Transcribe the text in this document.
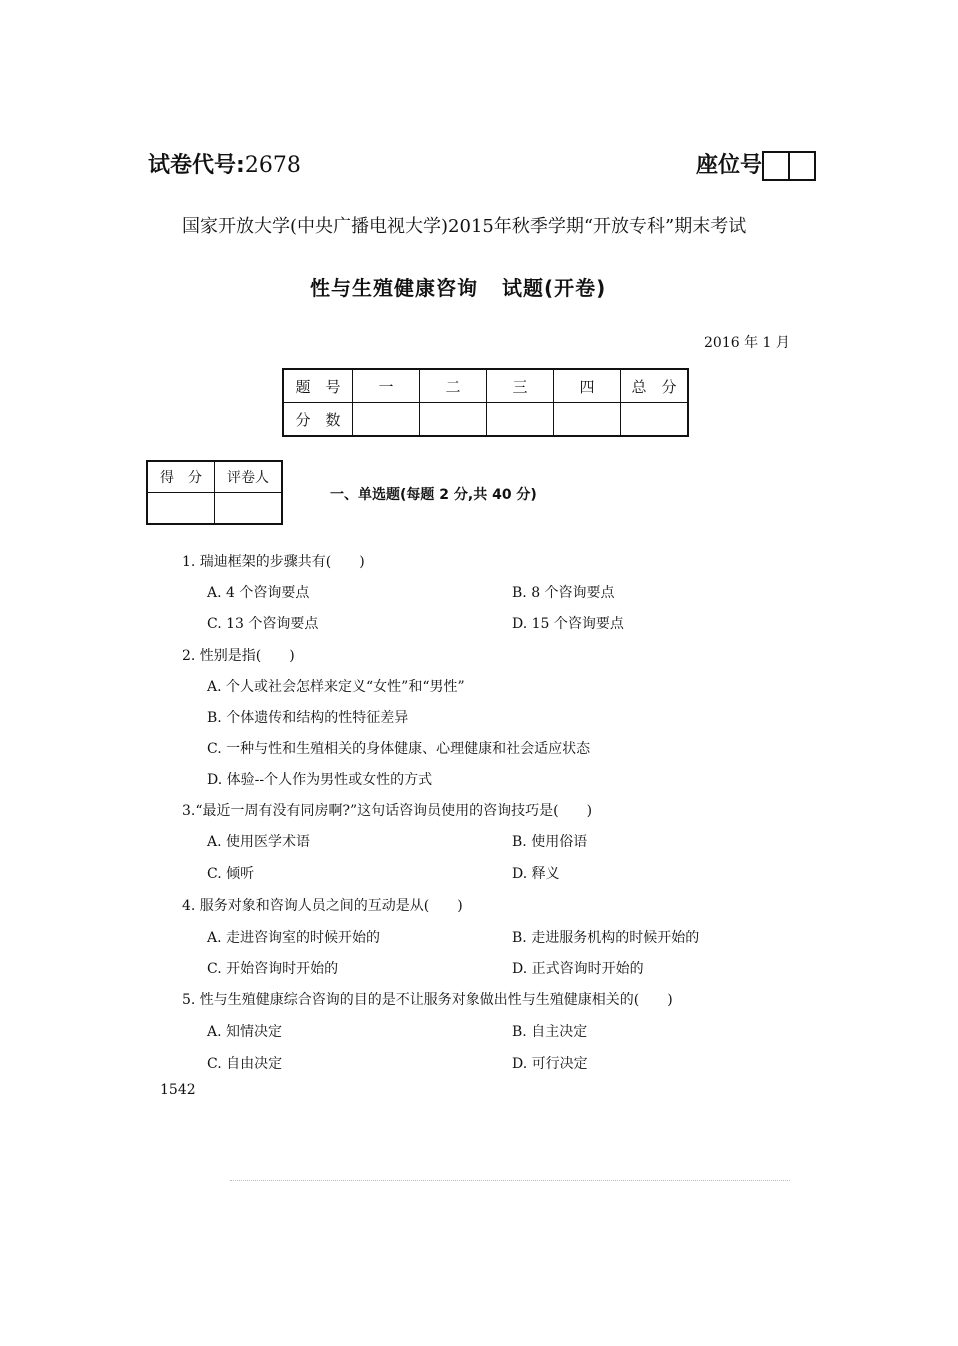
试卷代号:2678	座位号
国家开放大学(中央广播电视大学)2015年秋季学期“开放专科”期末考试
性与生殖健康咨询 试题(开卷)
2016 年 1 月
题　号	一	二	三	四	总　分
分　数					
得　分	评卷人

一、单选题(每题 2 分,共 40 分)
1. 瑞迪框架的步骤共有(　　)
A. 4 个咨询要点	B. 8 个咨询要点
C. 13 个咨询要点	D. 15 个咨询要点
2. 性别是指(　　)
A. 个人或社会怎样来定义“女性”和“男性”
B. 个体遗传和结构的性特征差异
C. 一种与性和生殖相关的身体健康、心理健康和社会适应状态
D. 体验--个人作为男性或女性的方式
3.“最近一周有没有同房啊?”这句话咨询员使用的咨询技巧是(　　)
A. 使用医学术语	B. 使用俗语
C. 倾听	D. 释义
4. 服务对象和咨询人员之间的互动是从(　　)
A. 走进咨询室的时候开始的	B. 走进服务机构的时候开始的
C. 开始咨询时开始的	D. 正式咨询时开始的
5. 性与生殖健康综合咨询的目的是不让服务对象做出性与生殖健康相关的(　　)
A. 知情决定	B. 自主决定
C. 自由决定	D. 可行决定
1542
